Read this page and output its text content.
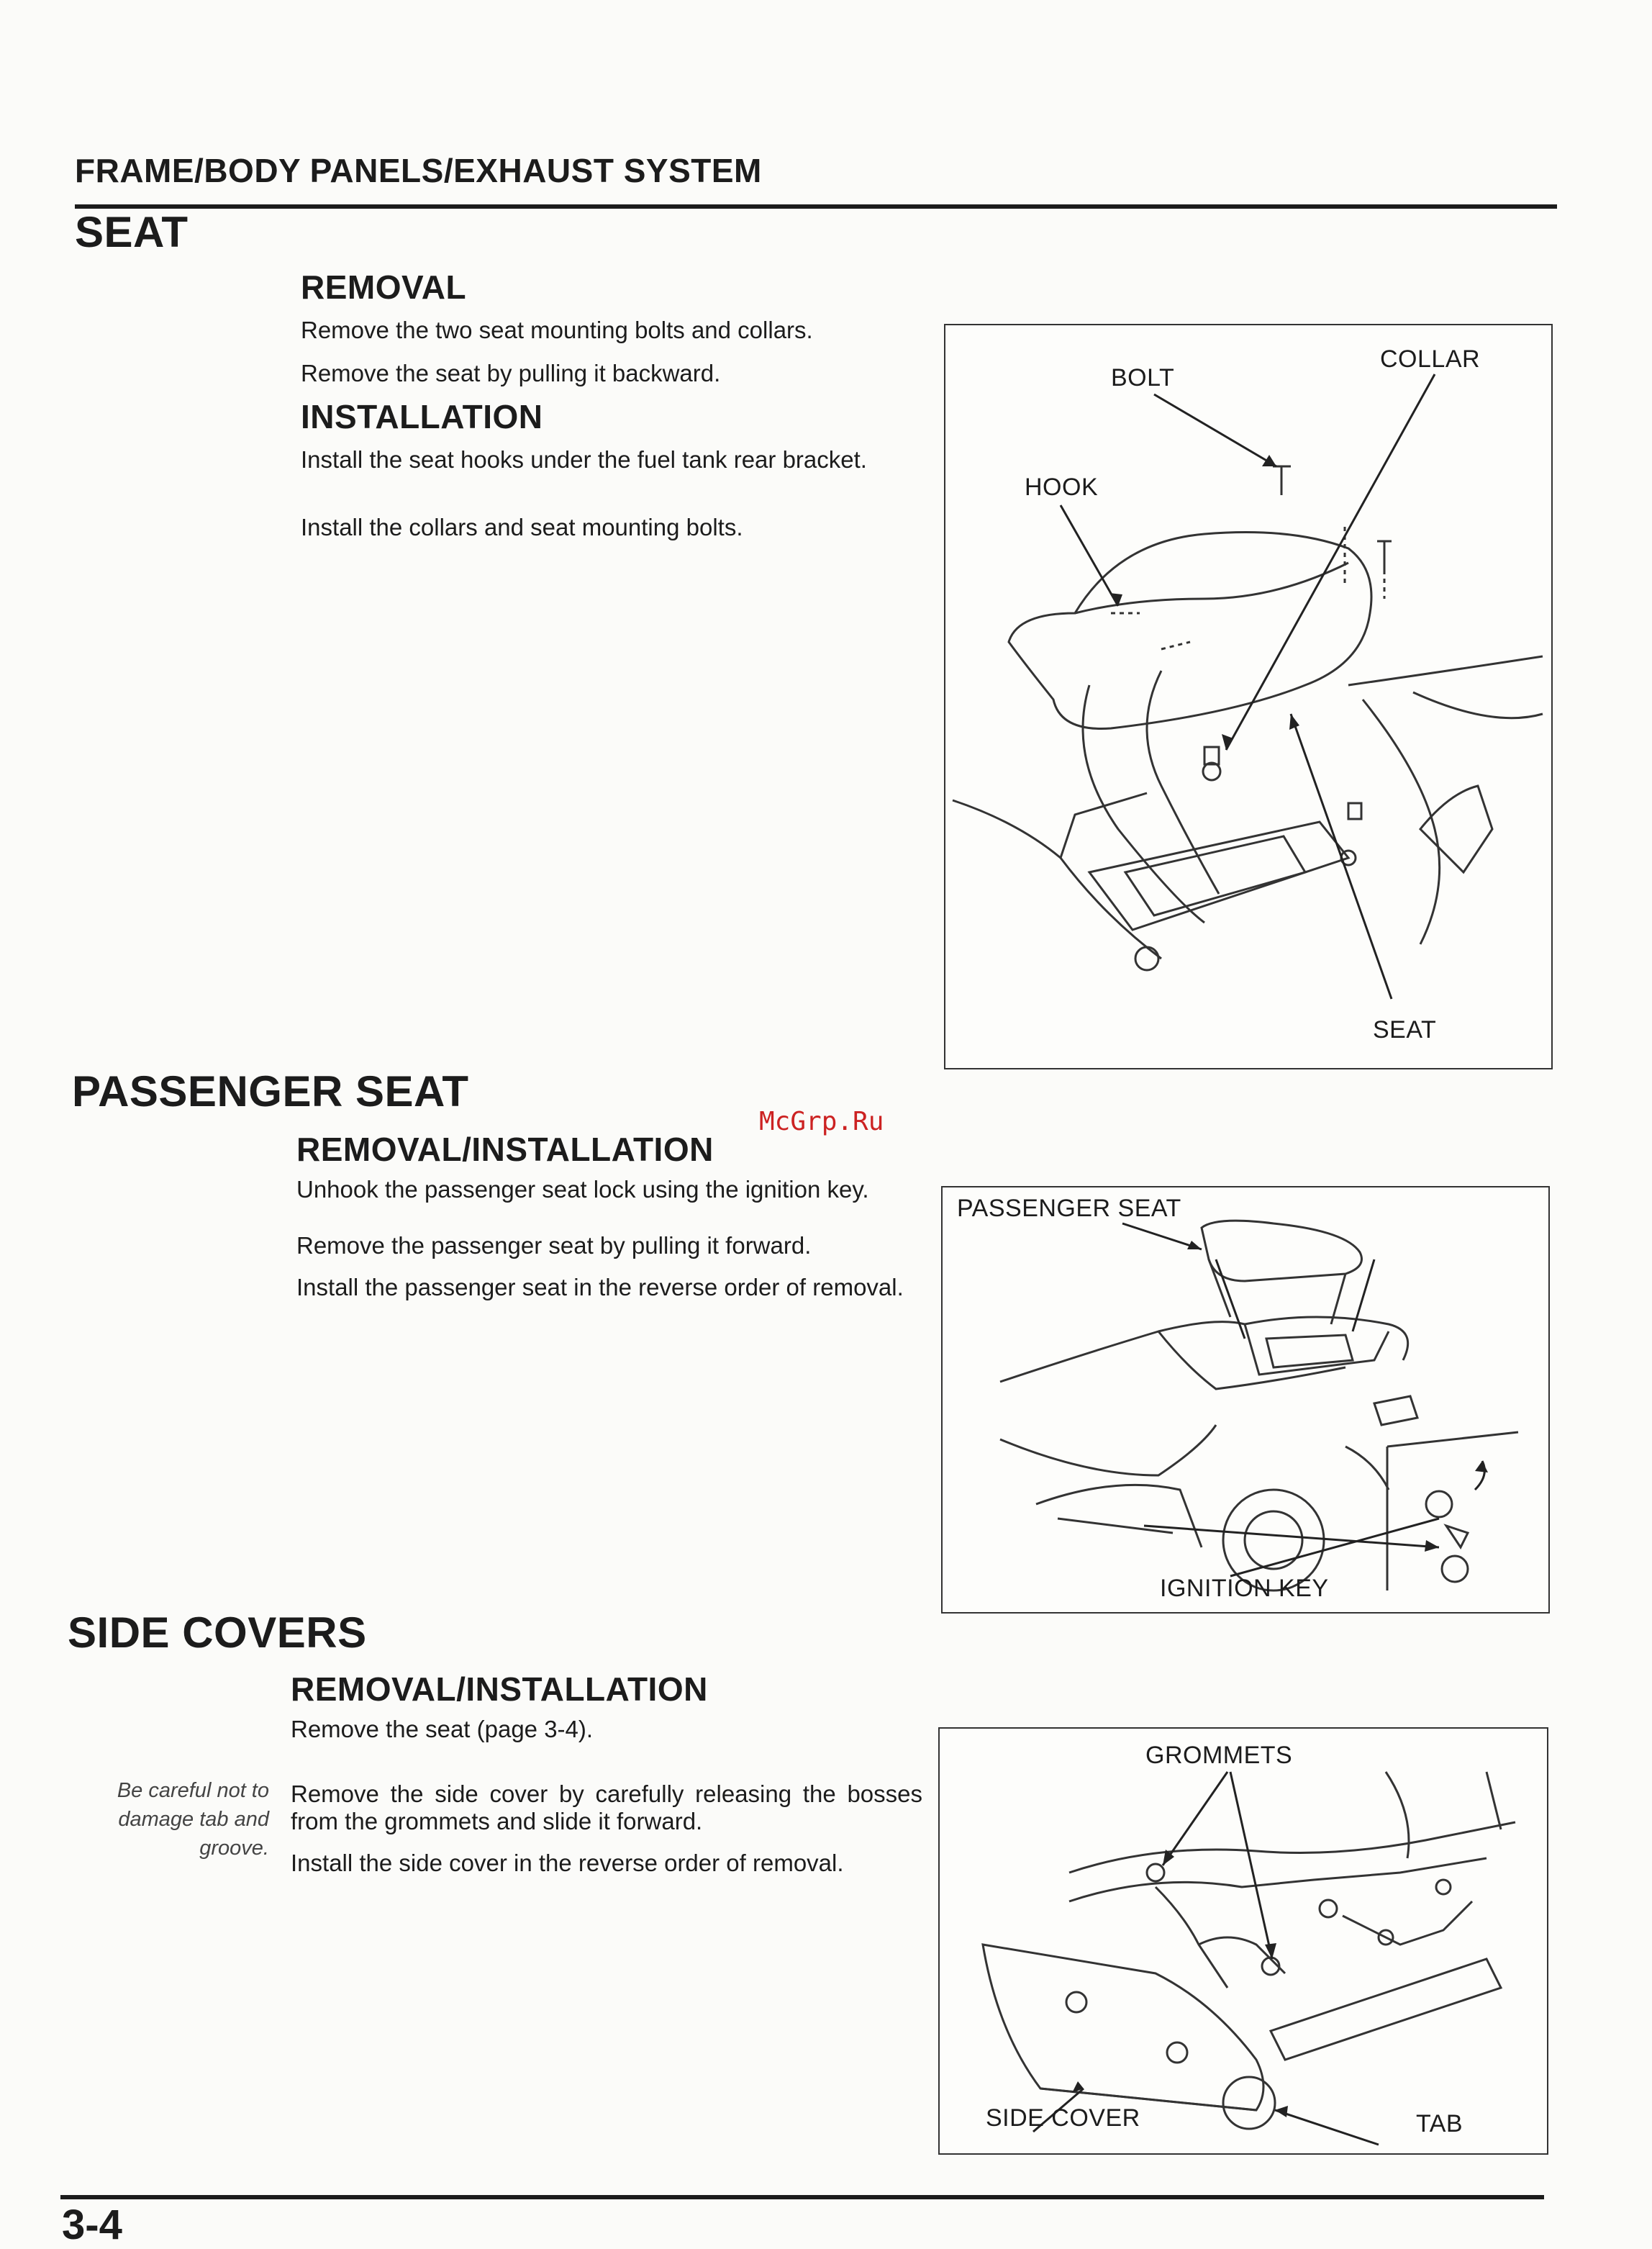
FRAME/BODY PANELS/EXHAUST SYSTEM
SEAT
REMOVAL
Remove the two seat mounting bolts and collars.
Remove the seat by pulling it backward.
INSTALLATION
Install the seat hooks under the fuel tank rear bracket.
Install the collars and seat mounting bolts.
BOLT
COLLAR
HOOK
SEAT
PASSENGER SEAT
REMOVAL/INSTALLATION
Unhook the passenger seat lock using the ignition key.
Remove the passenger seat by pulling it forward.
Install the passenger seat in the reverse order of removal.
McGrp.Ru
PASSENGER SEAT
IGNITION KEY
SIDE COVERS
REMOVAL/INSTALLATION
Remove the seat (page 3-4).
Be careful not to damage tab and groove.
Remove the side cover by carefully releasing the bosses from the grommets and slide it forward.
Install the side cover in the reverse order of removal.
GROMMETS
SIDE COVER	TAB
3-4
